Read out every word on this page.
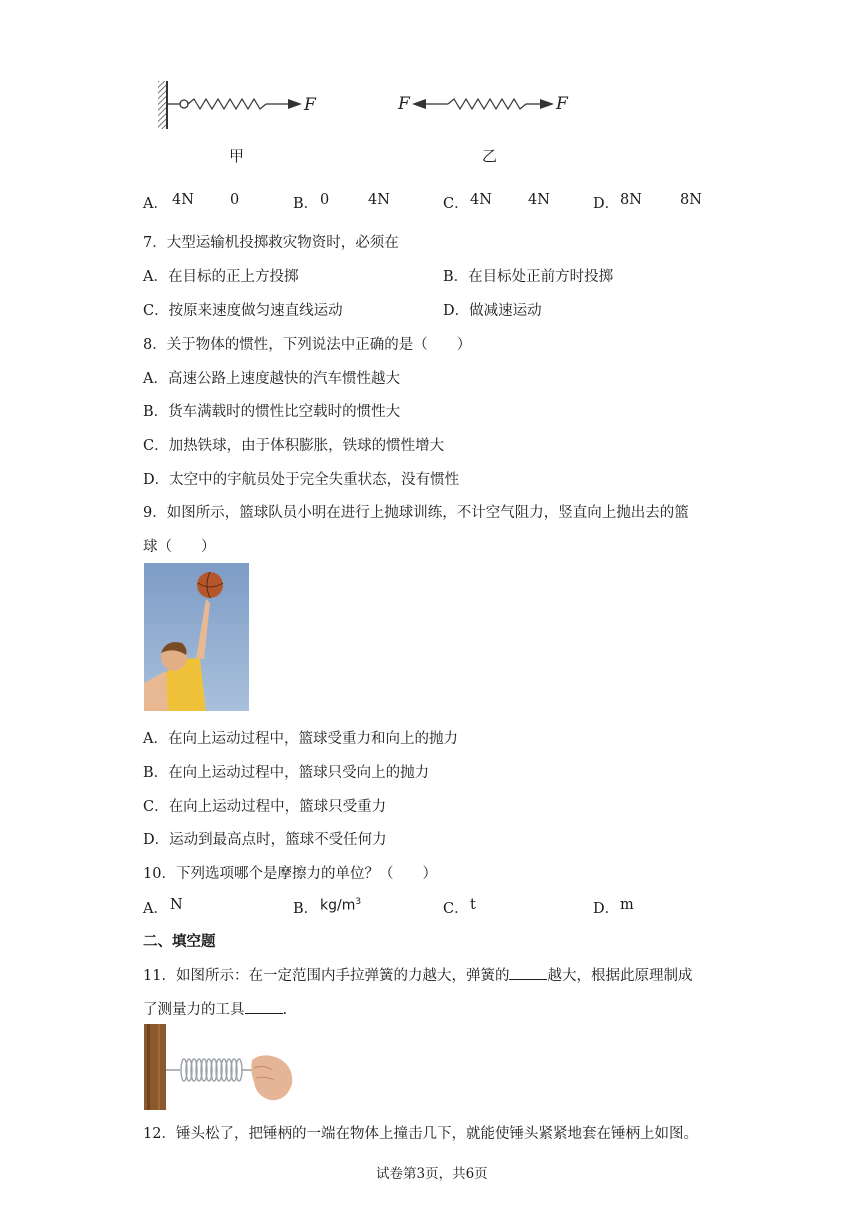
F
甲
F	F
乙
A． 4N 0	B． 0	4N	C． 4N 4N	D． 8N	8N
7．大型运输机投掷救灾物资时，必须在
A．在目标的正上方投掷	B．在目标处正前方时投掷
C．按原来速度做匀速直线运动	D．做减速运动
8．关于物体的惯性，下列说法中正确的是（　　）
A．高速公路上速度越快的汽车惯性越大
B．货车满载时的惯性比空载时的惯性大
C．加热铁球，由于体积膨胀，铁球的惯性增大
D．太空中的宇航员处于完全失重状态，没有惯性
9．如图所示，篮球队员小明在进行上抛球训练，不计空气阻力，竖直向上抛出去的篮
球（　　）
A．在向上运动过程中，篮球受重力和向上的抛力
B．在向上运动过程中，篮球只受向上的抛力
C．在向上运动过程中，篮球只受重力
D．运动到最高点时，篮球不受任何力
10．下列选项哪个是摩擦力的单位？（　　）
A． N	B． $kg/m^3$	C． t	D． m
二、填空题
11．如图所示：在一定范围内手拉弹簧的力越大，弹簧的	越大，根据此原理制成
了测量力的工具	.
12．锤头松了，把锤柄的一端在物体上撞击几下，就能使锤头紧紧地套在锤柄上如图。
试卷第3页，共6页
